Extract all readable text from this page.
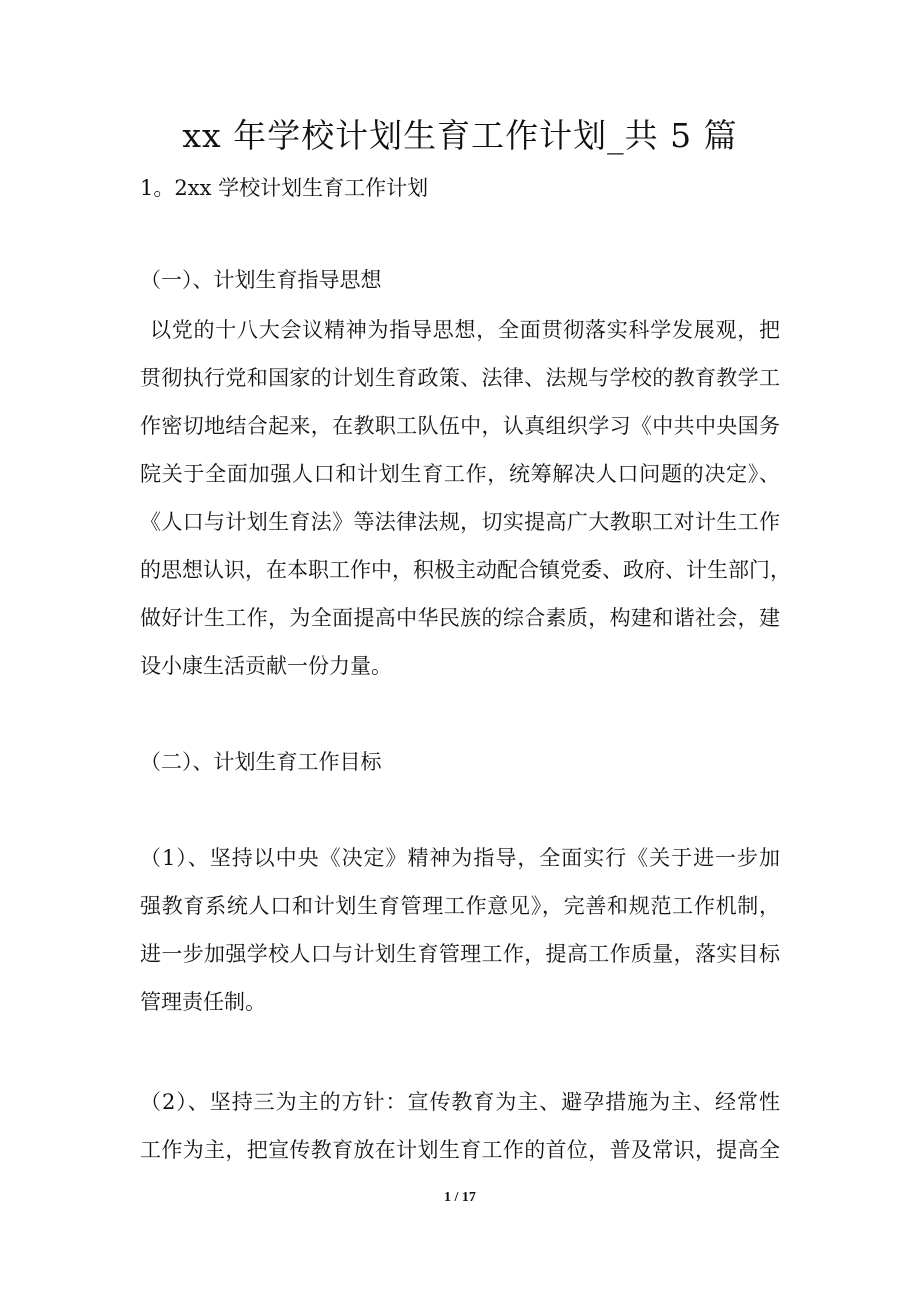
xx 年学校计划生育工作计划_共 5 篇
1。2xx 学校计划生育工作计划
（一）、计划生育指导思想
以党的十八大会议精神为指导思想，全面贯彻落实科学发展观，把
贯彻执行党和国家的计划生育政策、法律、法规与学校的教育教学工
作密切地结合起来，在教职工队伍中，认真组织学习《中共中央国务
院关于全面加强人口和计划生育工作，统筹解决人口问题的决定》、
《人口与计划生育法》等法律法规，切实提高广大教职工对计生工作
的思想认识，在本职工作中，积极主动配合镇党委、政府、计生部门，
做好计生工作，为全面提高中华民族的综合素质，构建和谐社会，建
设小康生活贡献一份力量。
（二）、计划生育工作目标
（1）、坚持以中央《决定》精神为指导，全面实行《关于进一步加
强教育系统人口和计划生育管理工作意见》，完善和规范工作机制，
进一步加强学校人口与计划生育管理工作，提高工作质量，落实目标
管理责任制。
（2）、坚持三为主的方针：宣传教育为主、避孕措施为主、经常性
工作为主，把宣传教育放在计划生育工作的首位，普及常识，提高全
1 / 17
